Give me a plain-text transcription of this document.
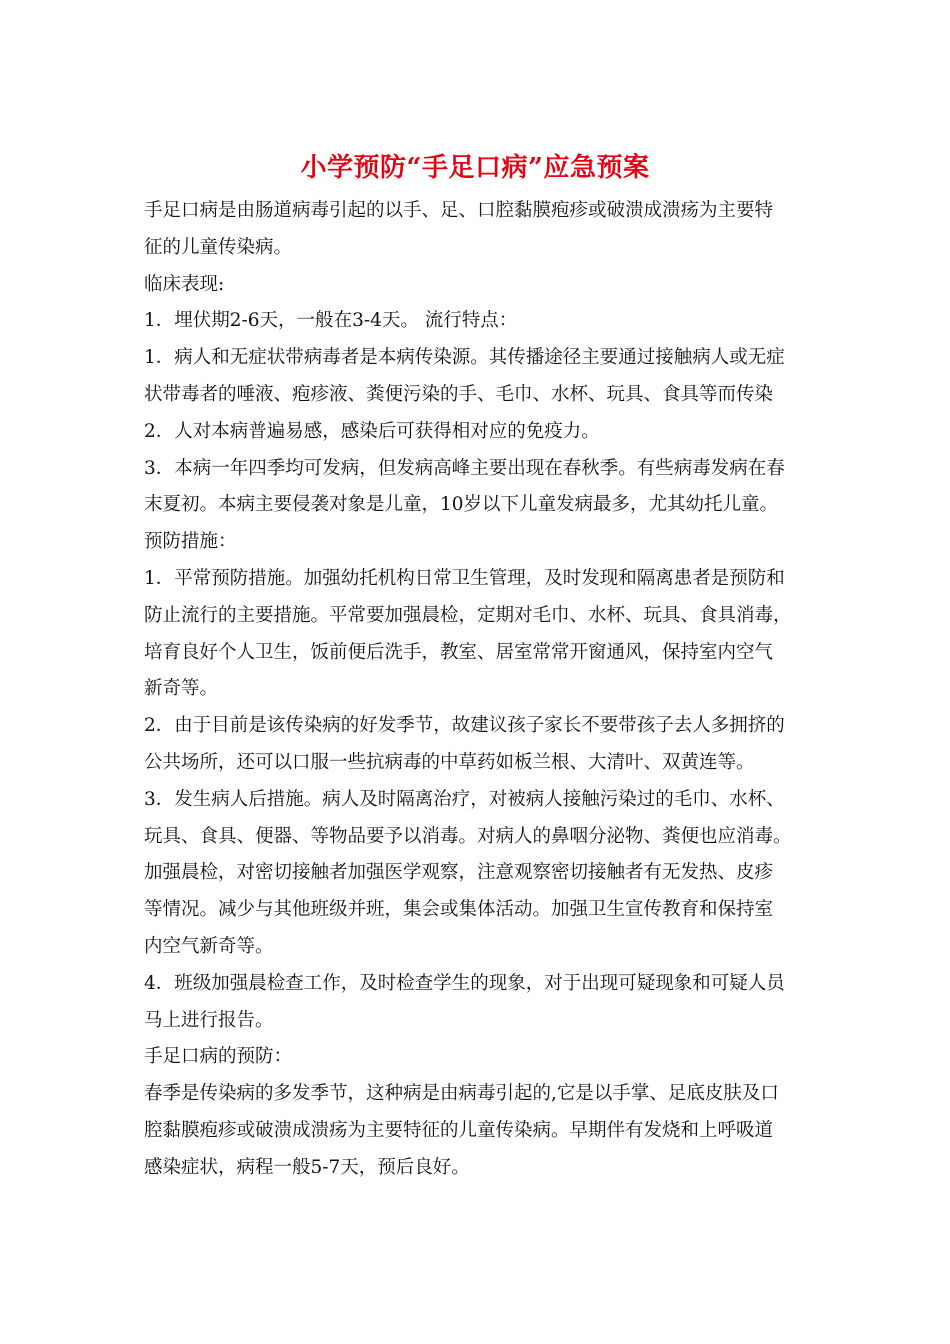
小学预防“手足口病”应急预案
手足口病是由肠道病毒引起的以手、足、口腔黏膜疱疹或破溃成溃疡为主要特
征的儿童传染病。
临床表现:
1．埋伏期2-6天，一般在3-4天。 流行特点：
1．病人和无症状带病毒者是本病传染源。其传播途径主要通过接触病人或无症
状带毒者的唾液、疱疹液、粪便污染的手、毛巾、水杯、玩具、食具等而传染
2．人对本病普遍易感，感染后可获得相对应的免疫力。
3．本病一年四季均可发病，但发病高峰主要出现在春秋季。有些病毒发病在春
末夏初。本病主要侵袭对象是儿童，10岁以下儿童发病最多，尤其幼托儿童。
预防措施：
1．平常预防措施。加强幼托机构日常卫生管理，及时发现和隔离患者是预防和
防止流行的主要措施。平常要加强晨检，定期对毛巾、水杯、玩具、食具消毒，
培育良好个人卫生，饭前便后洗手，教室、居室常常开窗通风，保持室内空气
新奇等。
2．由于目前是该传染病的好发季节，故建议孩子家长不要带孩子去人多拥挤的
公共场所，还可以口服一些抗病毒的中草药如板兰根、大清叶、双黄连等。
3．发生病人后措施。病人及时隔离治疗，对被病人接触污染过的毛巾、水杯、
玩具、食具、便器、等物品要予以消毒。对病人的鼻咽分泌物、粪便也应消毒。
加强晨检，对密切接触者加强医学观察，注意观察密切接触者有无发热、皮疹
等情况。减少与其他班级并班，集会或集体活动。加强卫生宣传教育和保持室
内空气新奇等。
4．班级加强晨检查工作，及时检查学生的现象，对于出现可疑现象和可疑人员
马上进行报告。
手足口病的预防：
春季是传染病的多发季节，这种病是由病毒引起的,它是以手掌、足底皮肤及口
腔黏膜疱疹或破溃成溃疡为主要特征的儿童传染病。早期伴有发烧和上呼吸道
感染症状，病程一般5-7天，预后良好。
